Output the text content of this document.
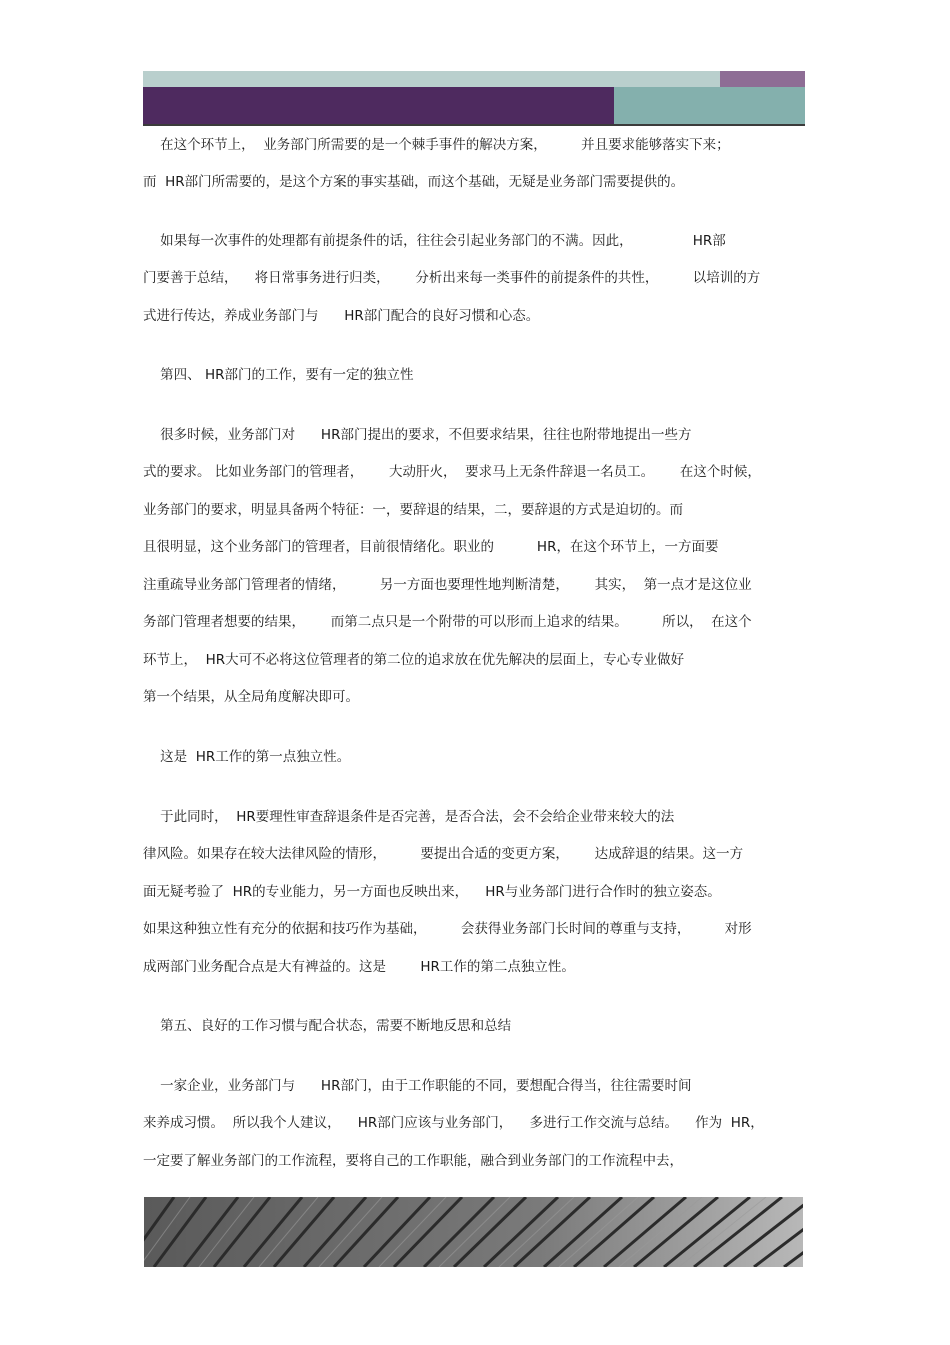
在这个环节上，  业务部门所需要的是一个棘手事件的解决方案，        并且要求能够落实下来；
而  HR部门所需要的，是这个方案的事实基础，而这个基础，无疑是业务部门需要提供的。
如果每一次事件的处理都有前提条件的话，往往会引起业务部门的不满。因此，              HR部
门要善于总结，    将日常事务进行归类，      分析出来每一类事件的前提条件的共性，        以培训的方
式进行传达，养成业务部门与      HR部门配合的良好习惯和心态。
第四、 HR部门的工作，要有一定的独立性
很多时候，业务部门对      HR部门提出的要求，不但要求结果，往往也附带地提出一些方
式的要求。 比如业务部门的管理者，      大动肝火，  要求马上无条件辞退一名员工。      在这个时候，
业务部门的要求，明显具备两个特征：一，要辞退的结果，二，要辞退的方式是迫切的。而
且很明显，这个业务部门的管理者，目前很情绪化。职业的          HR，在这个环节上，一方面要
注重疏导业务部门管理者的情绪，        另一方面也要理性地判断清楚，      其实，  第一点才是这位业
务部门管理者想要的结果，      而第二点只是一个附带的可以形而上追求的结果。        所以，  在这个
环节上，  HR大可不必将这位管理者的第二位的追求放在优先解决的层面上，专心专业做好
第一个结果，从全局角度解决即可。
这是  HR工作的第一点独立性。
于此同时，  HR要理性审查辞退条件是否完善，是否合法，会不会给企业带来较大的法
律风险。如果存在较大法律风险的情形，        要提出合适的变更方案，      达成辞退的结果。这一方
面无疑考验了  HR的专业能力，另一方面也反映出来，    HR与业务部门进行合作时的独立姿态。
如果这种独立性有充分的依据和技巧作为基础，        会获得业务部门长时间的尊重与支持，        对形
成两部门业务配合点是大有裨益的。这是        HR工作的第二点独立性。
第五、良好的工作习惯与配合状态，需要不断地反思和总结
一家企业，业务部门与      HR部门，由于工作职能的不同，要想配合得当，往往需要时间
来养成习惯。  所以我个人建议，    HR部门应该与业务部门，    多进行工作交流与总结。    作为  HR，
一定要了解业务部门的工作流程，要将自己的工作职能，融合到业务部门的工作流程中去，
